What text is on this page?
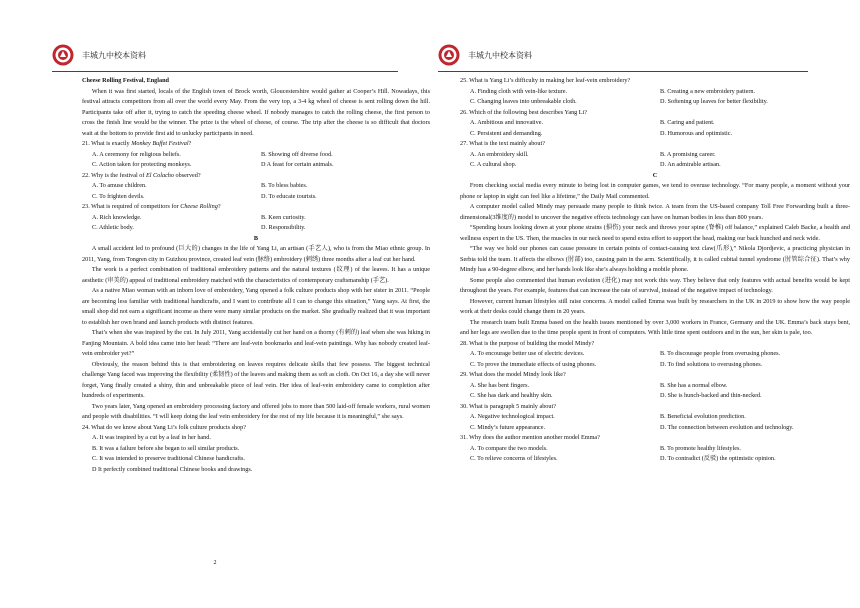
丰城九中校本资料

Cheese Rolling Festival, England

When it was first started, locals of the English town of Brock worth, Gloucestershire would gather at Cooper’s Hill. Nowadays, this festival attracts competitors from all over the world every May. From the very top, a 3-4 kg wheel of cheese is sent rolling down the hill. Participants take off after it, trying to catch the speeding cheese wheel. If nobody manages to catch the rolling cheese, the first person to cross the finish line would be the winner. The prize is the wheel of cheese, of course. The trip after the cheese is so difficult that doctors wait at the bottom to provide first aid to unlucky participants in need.

21. What is exactly Monkey Buffet Festival?

A. A ceremony for religious beliefs.	B. Showing off diverse food.
C. Action taken for protecting monkeys.	D A feast for certain animals.

22. Why is the festival of El Colacho observed?

A. To amuse children.	B. To bless babies.
C. To frighten devils.	D. To educate tourists.

23. What is required of competitors for Cheese Rolling?

A. Rich knowledge.	B. Keen curiosity.
C. Athletic body.	D. Responsibility.

B

A small accident led to profound (巨大的) changes in the life of Yang Li, an artisan (手艺人), who is from the Miao ethnic group. In 2011, Yang, from Tongren city in Guizhou province, created leaf vein (脉络) embroidery (刺绣) three months after a leaf cut her hand.

The work is a perfect combination of traditional embroidery patterns and the natural textures (纹理) of the leaves. It has a unique aesthetic (审美的) appeal of traditional embroidery matched with the characteristics of contemporary craftsmanship (手艺).

As a native Miao woman with an inborn love of embroidery, Yang opened a folk culture products shop with her sister in 2011. “People are becoming less familiar with traditional handicrafts, and I want to contribute all I can to change this situation,” Yang says. At first, the small shop did not earn a significant income as there were many similar products on the market. She gradually realized that it was important to establish her own brand and launch products with distinct features.

That’s when she was inspired by the cut. In July 2011, Yang accidentally cut her hand on a thorny (有刺的) leaf when she was hiking in Fanjing Mountain. A bold idea came into her head: “There are leaf-vein bookmarks and leaf-vein paintings. Why has nobody created leaf-vein embroider yet?”

Obviously, the reason behind this is that embroidering on leaves requires delicate skills that few possess. The biggest technical challenge Yang faced was improving the flexibility (柔韧性) of the leaves and making them as soft as cloth. On Oct 16, a day she will never forget, Yang finally created a shiny, thin and unbreakable piece of leaf vein. Her idea of leaf-vein embroidery came to completion after hundreds of experiments.

Two years later, Yang opened an embroidery processing factory and offered jobs to more than 500 laid-off female workers, rural women and people with disabilities. “I will keep doing the leaf vein embroidery for the rest of my life because it is meaningful,” she says.

24. What do we know about Yang Li’s folk culture products shop?

A. It was inspired by a cut by a leaf in her hand.

B. It was a failure before she began to sell similar products.

C. It was intended to preserve traditional Chinese handicrafts.

D It perfectly combined traditional Chinese books and drawings.

2
丰城九中校本资料

25. What is Yang Li’s difficulty in making her leaf-vein embroidery?

A. Finding cloth with vein-like texture.	B. Creating a new embroidery pattern.
C. Changing leaves into unbreakable cloth.	D. Softening up leaves for better flexibility.

26. Which of the following best describes Yang Li?

A. Ambitious and innovative.	B. Caring and patient.
C. Persistent and demanding.	D. Humorous and optimistic.

27. What is the text mainly about?

A. An embroidery skill.	B. A promising career.
C. A cultural shop.	D. An admirable artisan.

C

From checking social media every minute to being lost in computer games, we tend to overuse technology. “For many people, a moment without your phone or laptop in sight can feel like a lifetime,” the Daily Mail commented.

A computer model called Mindy may persuade many people to think twice. A team from the US-based company Toll Free Forwarding built a three-dimensional(3维度的) model to uncover the negative effects technology can have on human bodies in less than 800 years.

“Spending hours looking down at your phone strains (損伤) your neck and throws your spine (脊椎) off balance,” explained Caleb Backe, a health and wellness expert in the US. Then, the muscles in our neck need to spend extra effort to support the head, making our back hunched and neck wide.

“The way we hold our phones can cause pressure in certain points of contact-causing text claw(爪形),” Nikola Djordjevic, a practicing physician in Serbia told the team. It affects the elbows (肘部) too, causing pain in the arm. Scientifically, it is called cubital tunnel syndrome (肘管综合征). That’s why Mindy has a 90-degree elbow, and her hands look like she’s always holding a mobile phone.

Some people also commented that human evolution (进化) may not work this way. They believe that only features with actual benefits would be kept throughout the years. For example, features that can increase the rate of survival, instead of the negative impact of technology.

However, current human lifestyles still raise concerns. A model called Emma was built by researchers in the UK in 2019 to show how the way people work at their desks could change them in 20 years.

The research team built Emma based on the health issues mentioned by over 3,000 workers in France, Germany and the UK. Emma’s back stays bent, and her legs are swollen due to the time people spent in front of computers. With little time spent outdoors and in the sun, her skin is pale, too.

28. What is the purpose of building the model Mindy?

A. To encourage better use of electric devices.	B. To discourage people from overusing phones.
C. To prove the immediate effects of using phones.	D. To find solutions to overusing phones.

29. What does the model Mindy look like?

A. She has bent fingers.	B. She has a normal elbow.
C. She has dark and healthy skin.	D. She is hunch-backed and thin-necked.

30. What is paragraph 5 mainly about?

A. Negative technological impact.	B. Beneficial evolution prediction.
C. Mindy’s future appearance.	D. The connection between evolution and technology.

31. Why does the author mention another model Emma?

A. To compare the two models.	B. To promote healthy lifestyles.
C. To relieve concerns of lifestyles.	D. To contradict (反驳) the optimistic opinion.
